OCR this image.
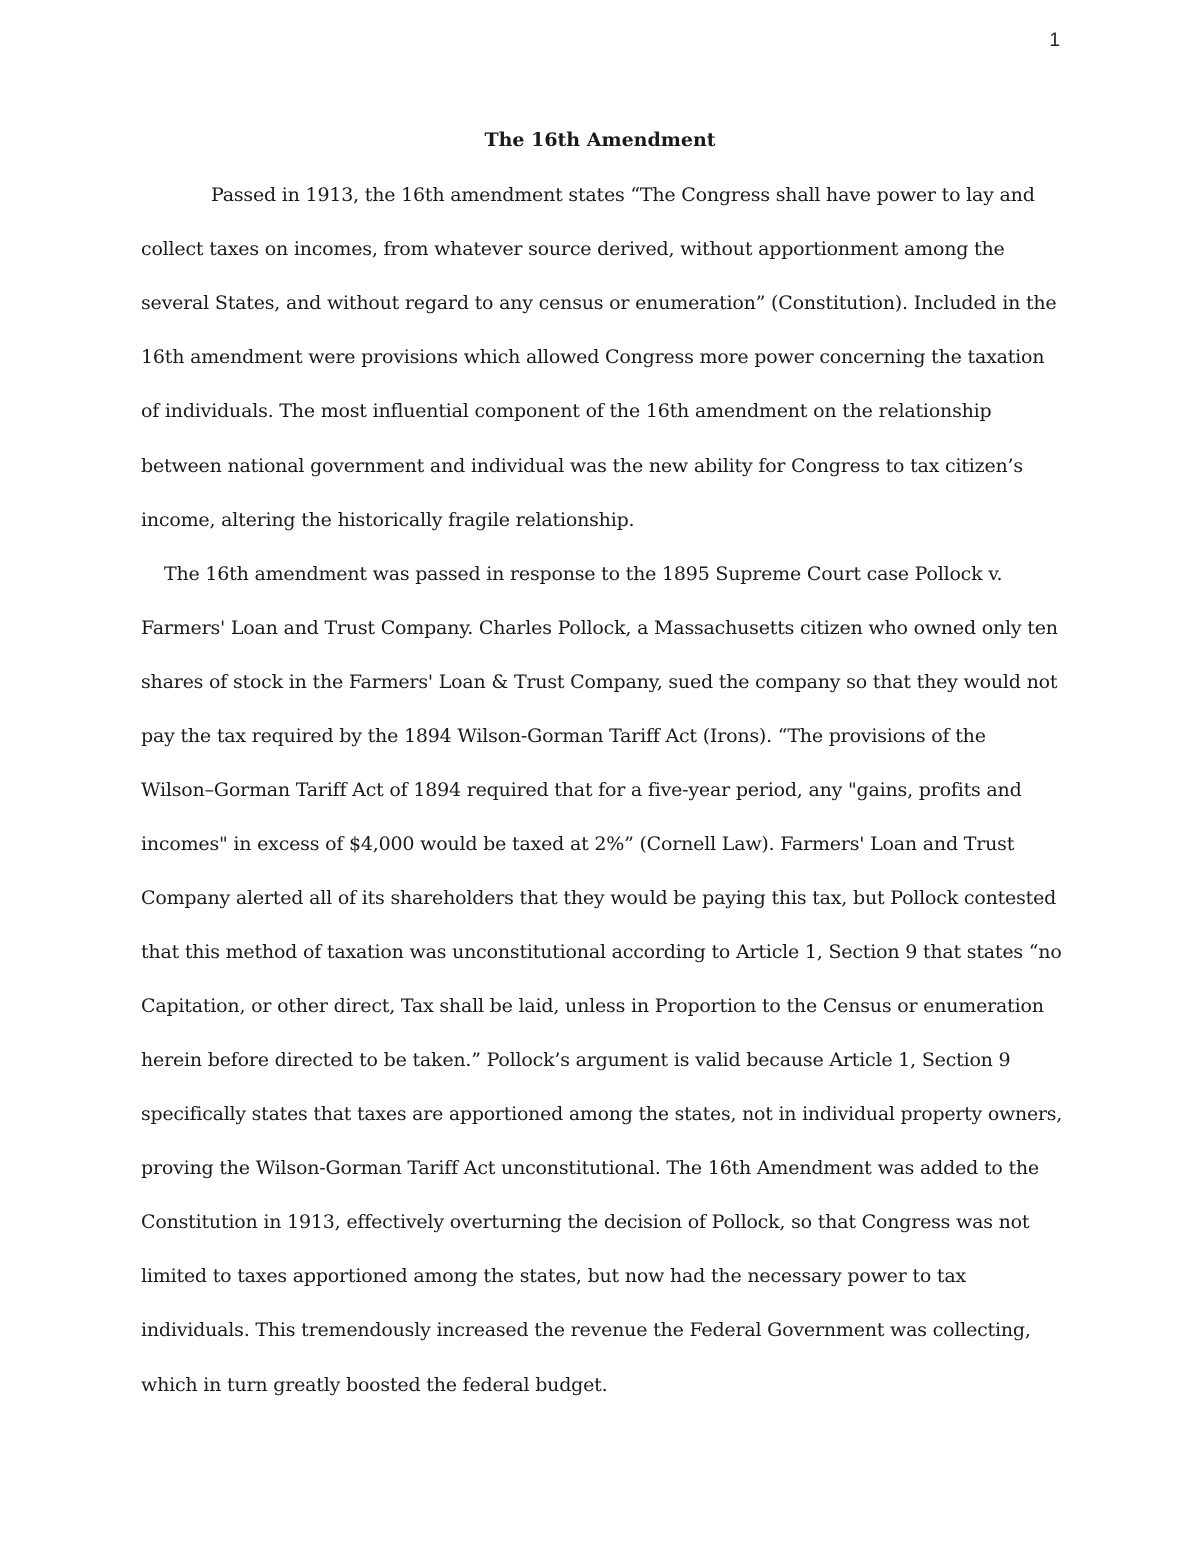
1
The 16th Amendment
Passed in 1913, the 16th amendment states “The Congress shall have power to lay and
collect taxes on incomes, from whatever source derived, without apportionment among the
several States, and without regard to any census or enumeration” (Constitution). Included in the
16th amendment were provisions which allowed Congress more power concerning the taxation
of individuals. The most influential component of the 16th amendment on the relationship
between national government and individual was the new ability for Congress to tax citizen’s
income, altering the historically fragile relationship.
The 16th amendment was passed in response to the 1895 Supreme Court case Pollock v.
Farmers' Loan and Trust Company. Charles Pollock, a Massachusetts citizen who owned only ten
shares of stock in the Farmers' Loan & Trust Company, sued the company so that they would not
pay the tax required by the 1894 Wilson-Gorman Tariff Act (Irons). “The provisions of the
Wilson–Gorman Tariff Act of 1894 required that for a five-year period, any "gains, profits and
incomes" in excess of $4,000 would be taxed at 2%” (Cornell Law). Farmers' Loan and Trust
Company alerted all of its shareholders that they would be paying this tax, but Pollock contested
that this method of taxation was unconstitutional according to Article 1, Section 9 that states “no
Capitation, or other direct, Tax shall be laid, unless in Proportion to the Census or enumeration
herein before directed to be taken.” Pollock’s argument is valid because Article 1, Section 9
specifically states that taxes are apportioned among the states, not in individual property owners,
proving the Wilson-Gorman Tariff Act unconstitutional. The 16th Amendment was added to the
Constitution in 1913, effectively overturning the decision of Pollock, so that Congress was not
limited to taxes apportioned among the states, but now had the necessary power to tax
individuals. This tremendously increased the revenue the Federal Government was collecting,
which in turn greatly boosted the federal budget.
